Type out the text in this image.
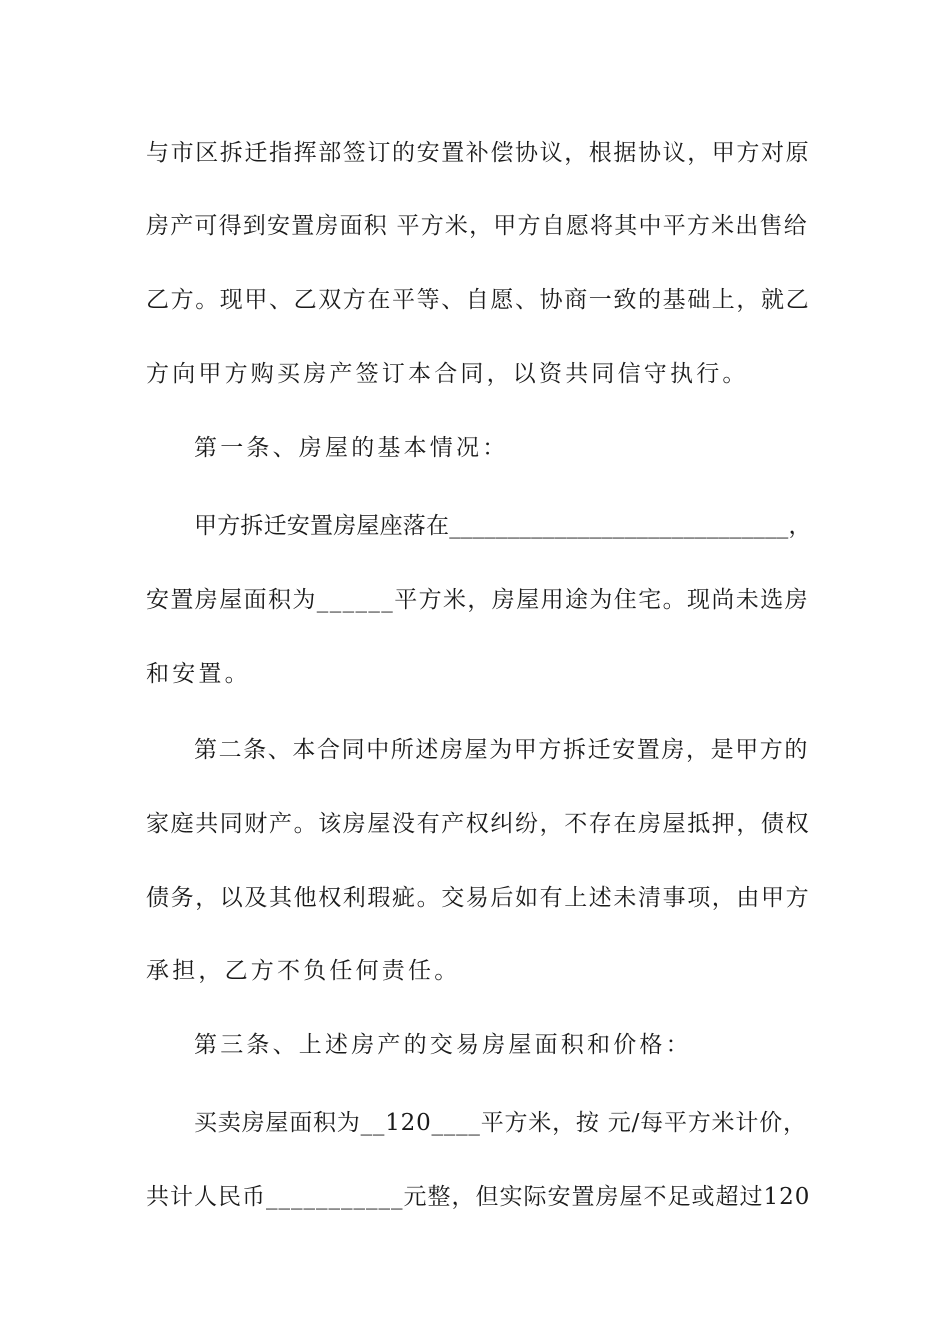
与市区拆迁指挥部签订的安置补偿协议，根据协议，甲方对原
房产可得到安置房面积 平方米，甲方自愿将其中平方米出售给
乙方。现甲、乙双方在平等、自愿、协商一致的基础上，就乙
方向甲方购买房产签订本合同，以资共同信守执行。
第一条、房屋的基本情况：
甲方拆迁安置房屋座落在_____________________________，
安置房屋面积为______平方米，房屋用途为住宅。现尚未选房
和安置。
第二条、本合同中所述房屋为甲方拆迁安置房，是甲方的
家庭共同财产。该房屋没有产权纠纷，不存在房屋抵押，债权
债务，以及其他权利瑕疵。交易后如有上述未清事项，由甲方
承担，乙方不负任何责任。
第三条、上述房产的交易房屋面积和价格：
买卖房屋面积为__120____平方米，按 元/每平方米计价，
共计人民币___________元整，但实际安置房屋不足或超过120
